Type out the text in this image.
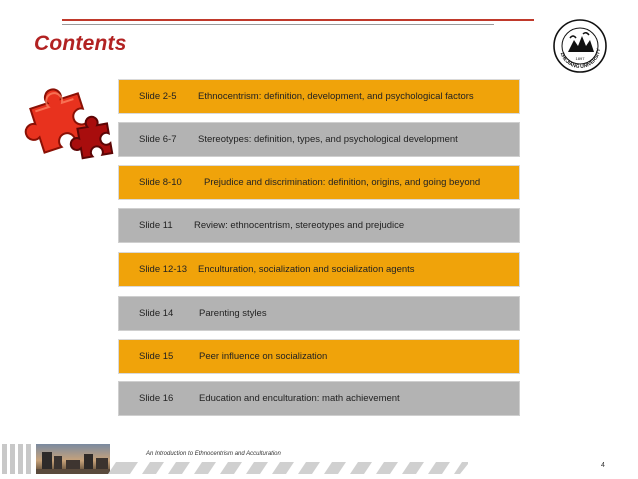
Contents	ZHEJIANG UNIVERSITY
1897
Slide 2-5 Ethnocentrism: definition, development, and psychological factors
Slide 6-7 Stereotypes: definition, types, and psychological development
Slide 8-10 Prejudice and discrimination: definition, origins, and going beyond
Slide 11 Review: ethnocentrism, stereotypes and prejudice
Slide 12-13 Enculturation, socialization and socialization agents
Slide 14	Parenting styles
Slide 15	Peer influence on socialization
Slide 16	Education and enculturation: math achievement
An Introduction to Ethnocentrism and Acculturation
4
